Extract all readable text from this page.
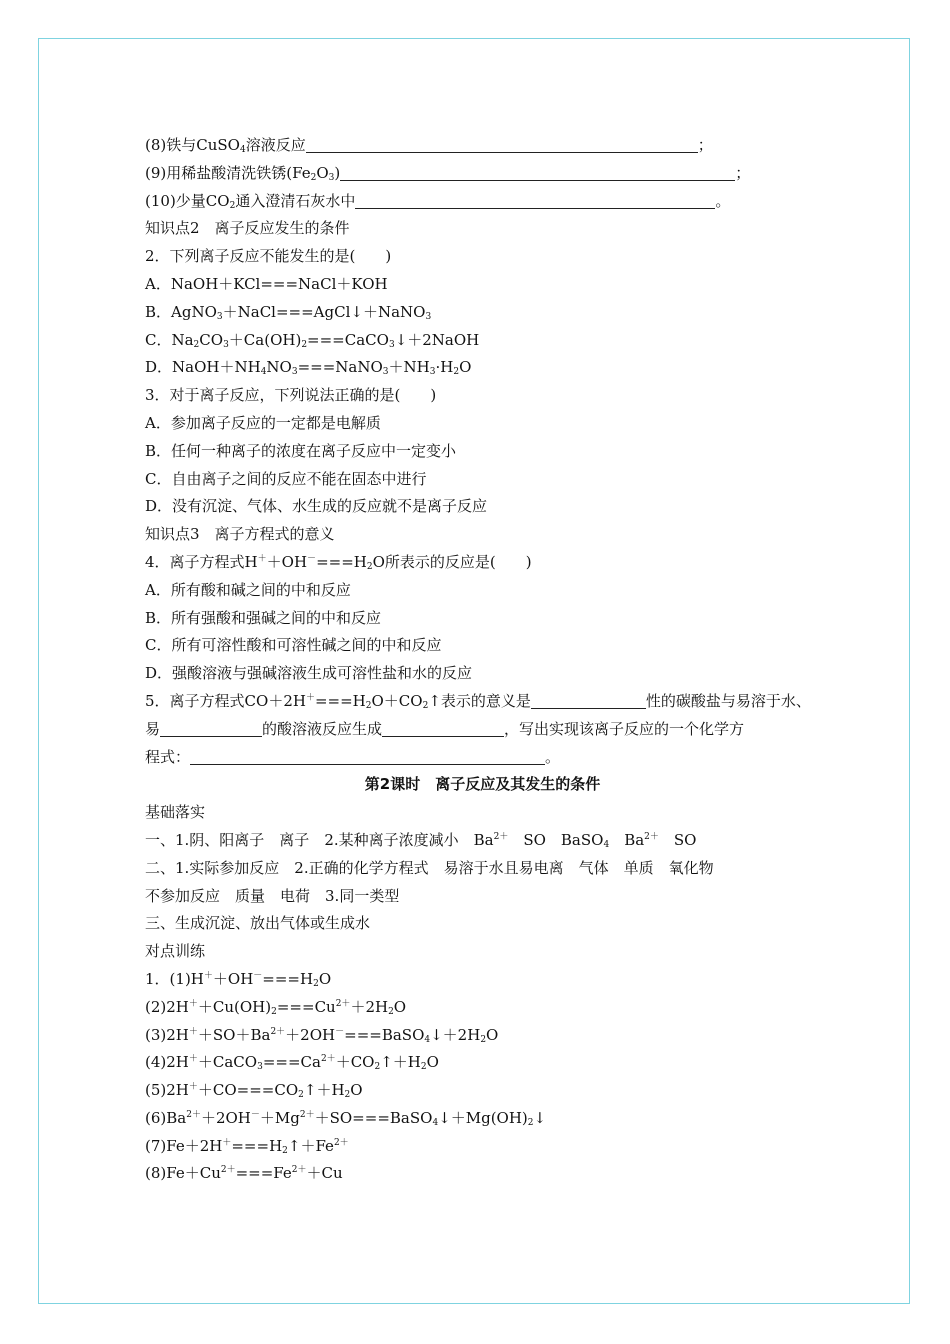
(8)铁与CuSO$_4$溶液反应	；
(9)用稀盐酸清洗铁锈$(Fe_2O_3)$	；
(10)少量$CO_2$通入澄清石灰水中	。
知识点2　离子反应发生的条件
2．下列离子反应不能发生的是(　　)
A．NaOH＋KCl===NaCl＋KOH
B．AgNO$_3$＋NaCl===AgCl↓＋NaNO$_3$
C．$Na_2CO_3+Ca(OH)_2===CaCO_3↓+2NaOH$
D．$NaOH+NH_4NO_3===NaNO_3+NH_3\cdot H_2O$
3．对于离子反应，下列说法正确的是(　　)
A．参加离子反应的一定都是电解质
B．任何一种离子的浓度在离子反应中一定变小
C．自由离子之间的反应不能在固态中进行
D．没有沉淀、气体、水生成的反应就不是离子反应
知识点3　离子方程式的意义
4．离子方程式$H^++OH^-===H_2O$所表示的反应是(　　)
A．所有酸和碱之间的中和反应
B．所有强酸和强碱之间的中和反应
C．所有可溶性酸和可溶性碱之间的中和反应
D．强酸溶液与强碱溶液生成可溶性盐和水的反应
5．离子方程式$CO+2H^+===H_2O+CO_2↑$表示的意义是	性的碳酸盐与易溶于水、
易	的酸溶液反应生成	，写出实现该离子反应的一个化学方
程式：	。
第2课时　离子反应及其发生的条件
基础落实
一、1.阴、阳离子　离子　2.某种离子浓度减小　$Ba^{2+}$　SO　BaSO$_4$　$Ba^{2+}$　SO
二、1.实际参加反应　2.正确的化学方程式　易溶于水且易电离　气体　单质　氧化物
不参加反应　质量　电荷　3.同一类型
三、生成沉淀、放出气体或生成水
对点训练
1．$(1)H^++OH^-===H_2O$
$(2)2H^++Cu(OH)_2===Cu^{2+}+2H_2O$
$(3)2H^++SO+Ba^{2+}+2OH^-===BaSO_4↓+2H_2O$
$(4)2H^++CaCO_3===Ca^{2+}+CO_2↑+H_2O$
$(5)2H^++CO===CO_2↑+H_2O$
$(6)Ba^{2+}+2OH^-+Mg^{2+}+SO===BaSO_4↓+Mg(OH)_2↓$
$(7)Fe+2H^+===H_2↑+Fe^{2+}$
$(8)Fe+Cu^{2+}===Fe^{2+}+Cu$
